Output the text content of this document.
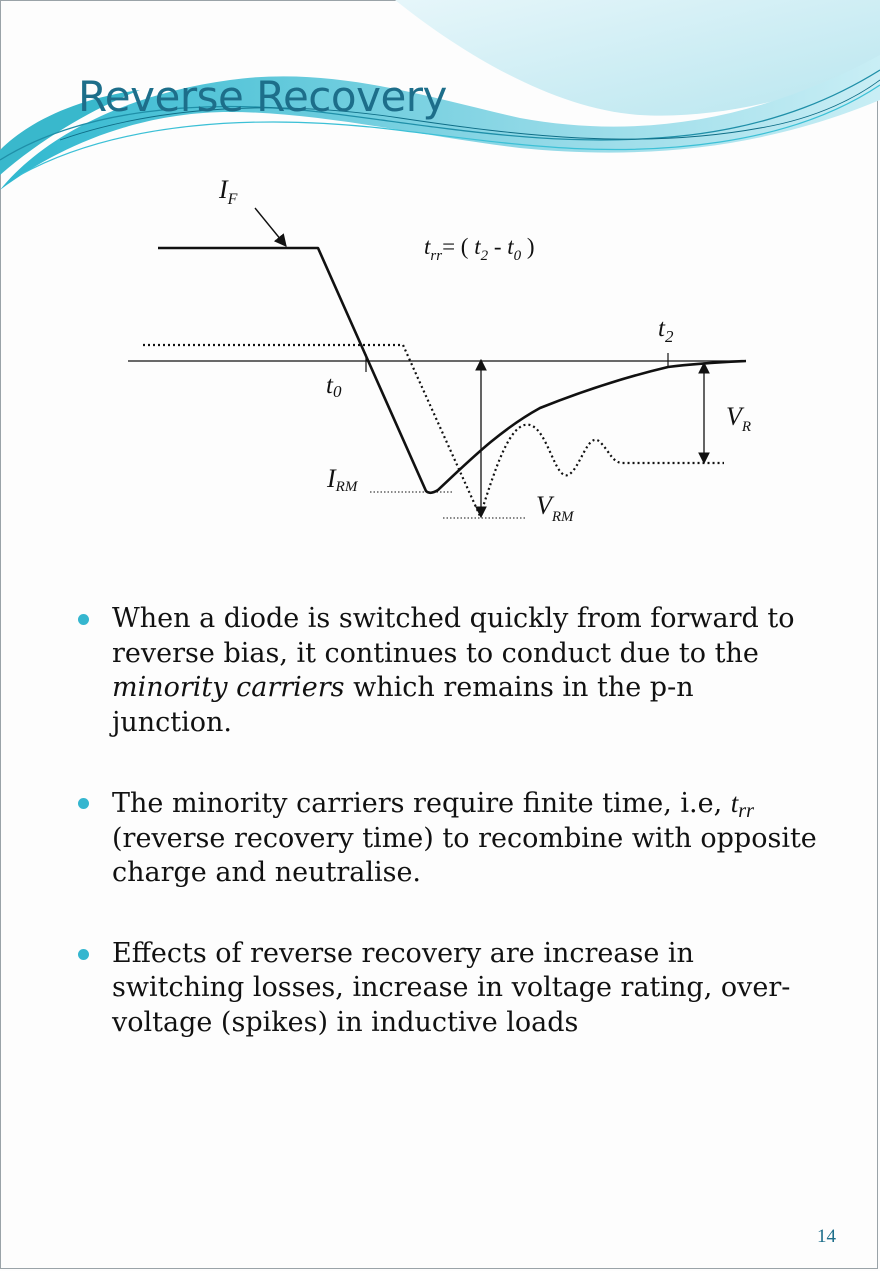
Reverse Recovery
$I_F$
$t_{rr}=$ ( $t_2 - t_0$ )
t0
$t_2$
$V_R$
IRM
$V_{RM}$
When a diode is switched quickly from forward to reverse bias, it continues to conduct due to the minority carriers which remains in the p-n junction.
The minority carriers require finite time, i.e, $t_{rr}$ (reverse recovery time) to recombine with opposite charge and neutralise.
Effects of reverse recovery are increase in switching losses, increase in voltage rating, over-voltage (spikes) in inductive loads
14
